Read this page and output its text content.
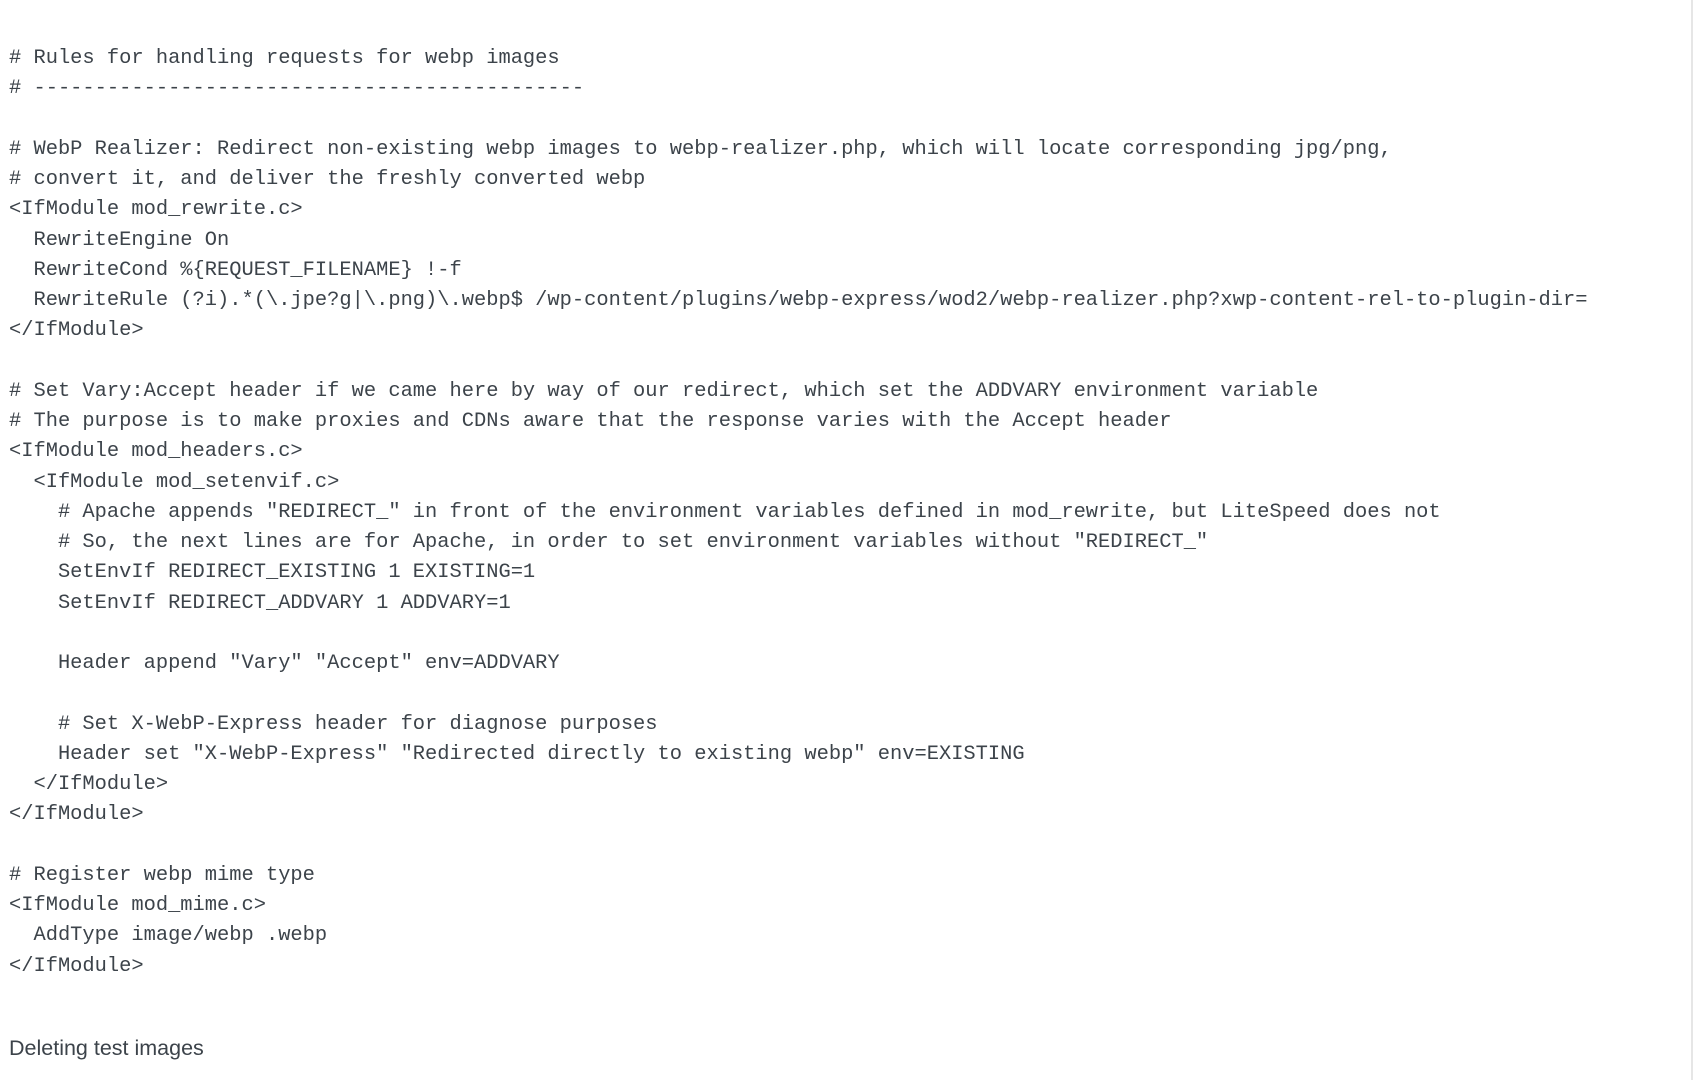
# Rules for handling requests for webp images
# ---------------------------------------------
# WebP Realizer: Redirect non-existing webp images to webp-realizer.php, which will locate corresponding jpg/png,
# convert it, and deliver the freshly converted webp
<IfModule mod_rewrite.c>
RewriteEngine On
RewriteCond %{REQUEST_FILENAME} !-f
RewriteRule (?i).*(\.jpe?g|\.png)\.webp$ /wp-content/plugins/webp-express/wod2/webp-realizer.php?xwp-content-rel-to-plugin-dir=
</IfModule>
# Set Vary:Accept header if we came here by way of our redirect, which set the ADDVARY environment variable
# The purpose is to make proxies and CDNs aware that the response varies with the Accept header
<IfModule mod_headers.c>
<IfModule mod_setenvif.c>
# Apache appends "REDIRECT_" in front of the environment variables defined in mod_rewrite, but LiteSpeed does not
# So, the next lines are for Apache, in order to set environment variables without "REDIRECT_"
SetEnvIf REDIRECT_EXISTING 1 EXISTING=1
SetEnvIf REDIRECT_ADDVARY 1 ADDVARY=1
Header append "Vary" "Accept" env=ADDVARY
# Set X-WebP-Express header for diagnose purposes
Header set "X-WebP-Express" "Redirected directly to existing webp" env=EXISTING
</IfModule>
</IfModule>
# Register webp mime type
<IfModule mod_mime.c>
AddType image/webp .webp
</IfModule>
Deleting test images
